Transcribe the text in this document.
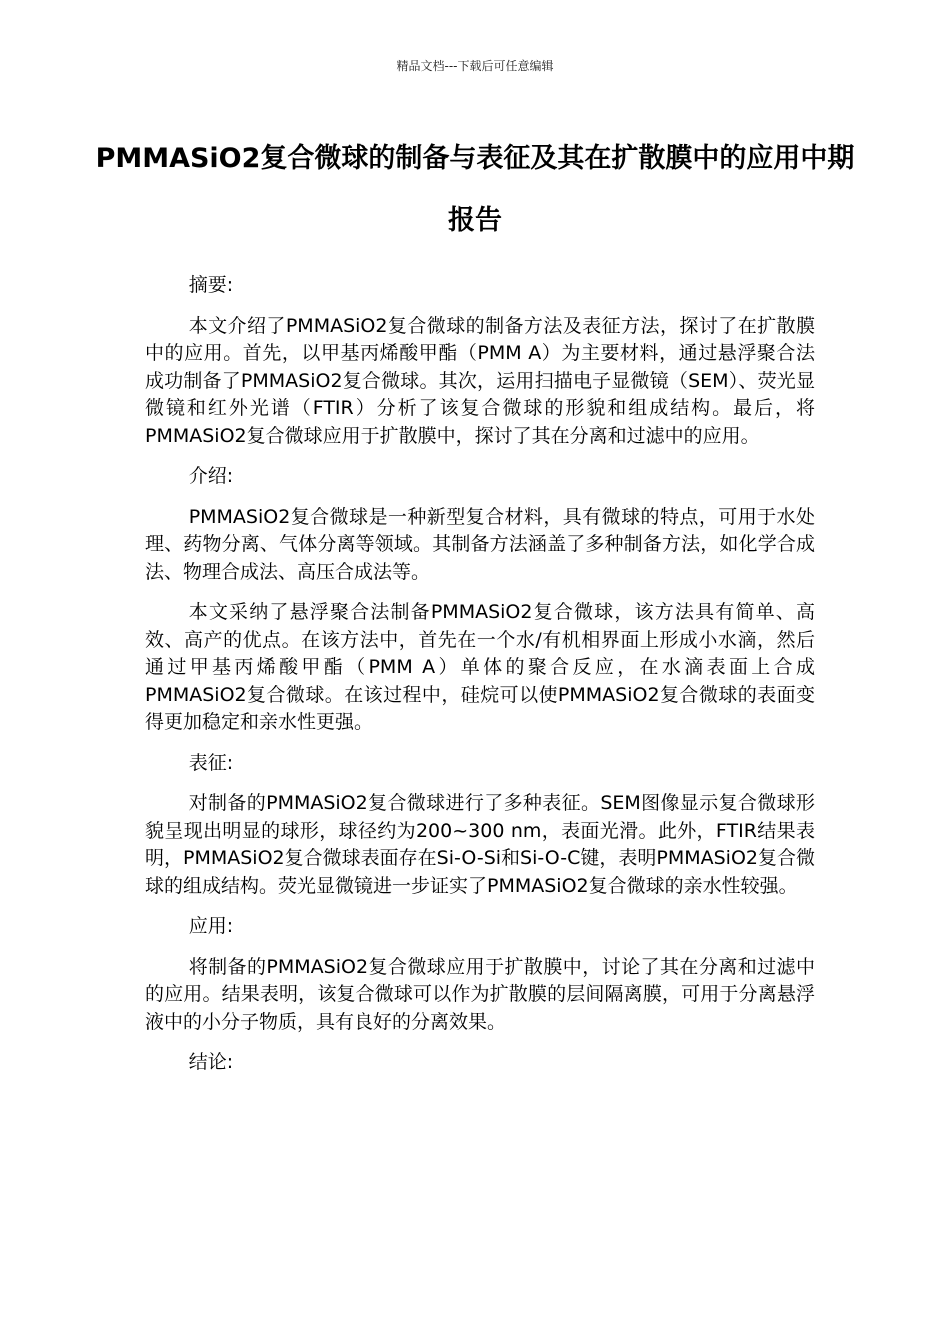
精品文档---下载后可任意编辑
PMMASiO2复合微球的制备与表征及其在扩散膜中的应用中期报告

摘要:

本文介绍了PMMASiO2复合微球的制备方法及表征方法，探讨了在扩散膜中的应用。首先，以甲基丙烯酸甲酯（PMM A）为主要材料，通过悬浮聚合法成功制备了PMMASiO2复合微球。其次，运用扫描电子显微镜（SEM）、荧光显微镜和红外光谱（FTIR）分析了该复合微球的形貌和组成结构。最后，将PMMASiO2复合微球应用于扩散膜中，探讨了其在分离和过滤中的应用。

介绍:

PMMASiO2复合微球是一种新型复合材料，具有微球的特点，可用于水处理、药物分离、气体分离等领域。其制备方法涵盖了多种制备方法，如化学合成法、物理合成法、高压合成法等。

本文采纳了悬浮聚合法制备PMMASiO2复合微球，该方法具有简单、高效、高产的优点。在该方法中，首先在一个水/有机相界面上形成小水滴，然后通过甲基丙烯酸甲酯（PMM A）单体的聚合反应，在水滴表面上合成PMMASiO2复合微球。在该过程中，硅烷可以使PMMASiO2复合微球的表面变得更加稳定和亲水性更强。

表征:

对制备的PMMASiO2复合微球进行了多种表征。SEM图像显示复合微球形貌呈现出明显的球形，球径约为200~300 nm，表面光滑。此外，FTIR结果表明，PMMASiO2复合微球表面存在Si-O-Si和Si-O-C键，表明PMMASiO2复合微球的组成结构。荧光显微镜进一步证实了PMMASiO2复合微球的亲水性较强。

应用:

将制备的PMMASiO2复合微球应用于扩散膜中，讨论了其在分离和过滤中的应用。结果表明，该复合微球可以作为扩散膜的层间隔离膜，可用于分离悬浮液中的小分子物质，具有良好的分离效果。

结论:
